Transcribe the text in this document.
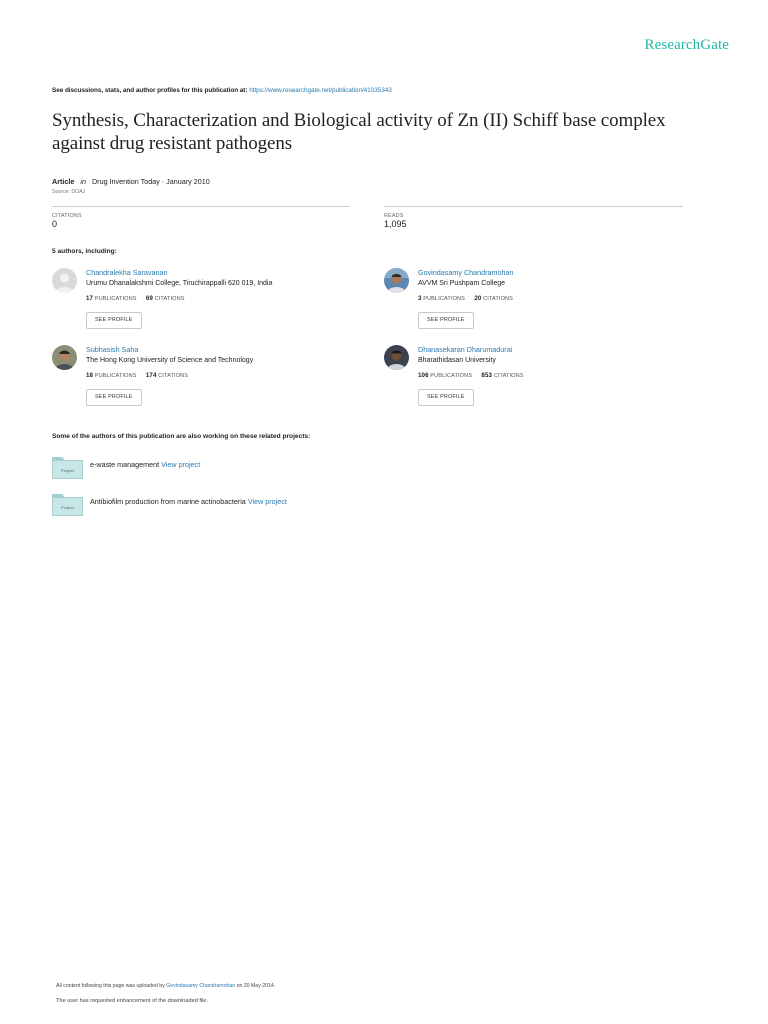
ResearchGate
See discussions, stats, and author profiles for this publication at: https://www.researchgate.net/publication/41035343
Synthesis, Characterization and Biological activity of Zn (II) Schiff base complex against drug resistant pathogens
Article in Drug Invention Today · January 2010
Source: DOAJ
CITATIONS
0
READS
1,095
5 authors, including:
Chandralekha Saravanan
Urumu Dhanalakshmi College, Tiruchirappalli 620 019, India
17 PUBLICATIONS 69 CITATIONS
SEE PROFILE
Govindasamy Chandramohan
AVVM Sri Pushpam College
3 PUBLICATIONS 20 CITATIONS
SEE PROFILE
Subhasish Saha
The Hong Kong University of Science and Technology
18 PUBLICATIONS 174 CITATIONS
SEE PROFILE
Dhanasekaran Dharumadurai
Bharathidasan University
106 PUBLICATIONS 853 CITATIONS
SEE PROFILE
Some of the authors of this publication are also working on these related projects:
Project
e-waste management View project
Project
Antibiofilm production from marine actinobacteria View project
All content following this page was uploaded by Govindasamy Chandramohan on 20 May 2014.
The user has requested enhancement of the downloaded file.
